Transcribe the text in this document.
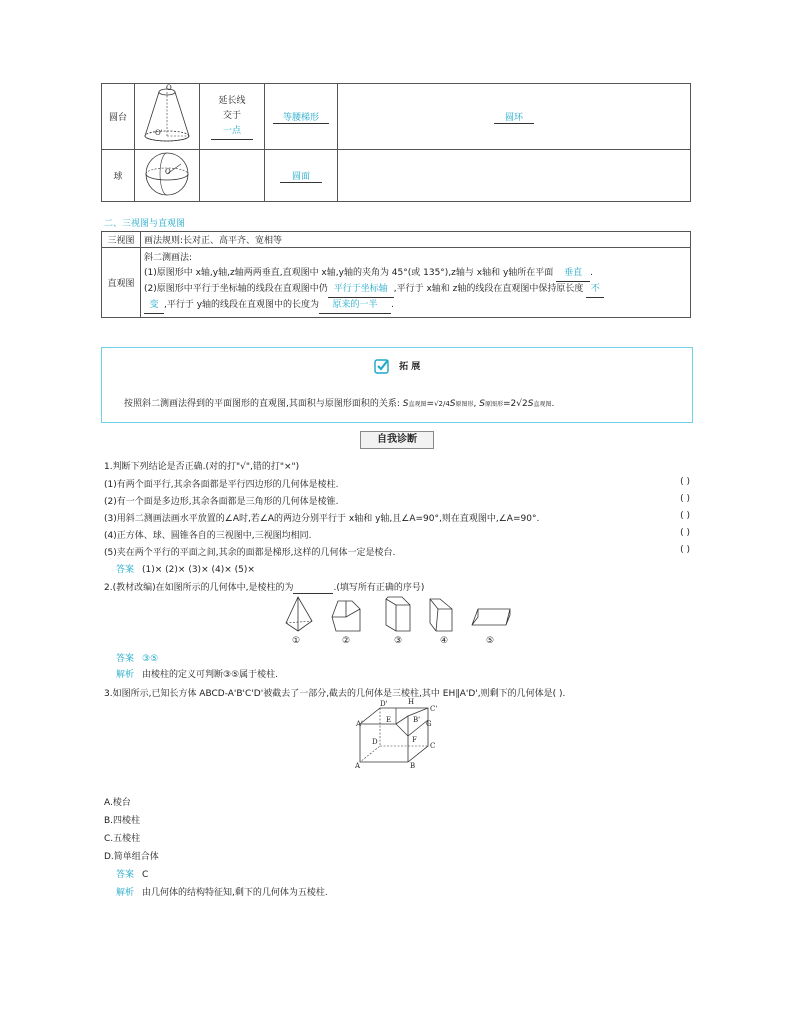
圆台		延长线
交于
一点	等腰梯形	圆环
球			圆面	
O
O'
O
二、三视图与直观图
三视图	画法规则:长对正、高平齐、宽相等
直观图	斜二测画法:
(1)原图形中 x轴,y轴,z轴两两垂直,直观图中 x轴,y轴的夹角为 45°(或 135°),z轴与 x轴和 y轴所在平面 垂直 .
(2)原图形中平行于坐标轴的线段在直观图中仍 平行于坐标轴 ,平行于 x轴和 z轴的线段在直观图中保持原长度 不
变 ,平行于 y轴的线段在直观图中的长度为 原来的一半 .
拓 展
按照斜二测画法得到的平面图形的直观图,其面积与原图形面积的关系: S直观图=√2/4S原图形, S原图形=2√2S直观图.
自我诊断
1.判断下列结论是否正确.(对的打"√",错的打"×")
(1)有两个面平行,其余各面都是平行四边形的几何体是棱柱.	( )
(2)有一个面是多边形,其余各面都是三角形的几何体是棱锥.	( )
(3)用斜二测画法画水平放置的∠A时,若∠A的两边分别平行于 x轴和 y轴,且∠A=90°,则在直观图中,∠A=90°.	( )
(4)正方体、球、圆锥各自的三视图中,三视图均相同.	( )
(5)夹在两个平行的平面之间,其余的面都是梯形,这样的几何体一定是棱台.	( )
答案 (1)× (2)× (3)× (4)× (5)×
2.(教材改编)在如图所示的几何体中,是棱柱的为	.(填写所有正确的序号)
①	②	③	④	⑤
答案 ③⑤
解析 由棱柱的定义可判断③⑤属于棱柱.
3.如图所示,已知长方体 ABCD-A'B'C'D'被截去了一部分,截去的几何体是三棱柱,其中 EH∥A'D',则剩下的几何体是( ).
D'	H
C'
A'	E	B' G
D	F
C
A	B
A.棱台
B.四棱柱
C.五棱柱
D.简单组合体
答案 C
解析 由几何体的结构特征知,剩下的几何体为五棱柱.
